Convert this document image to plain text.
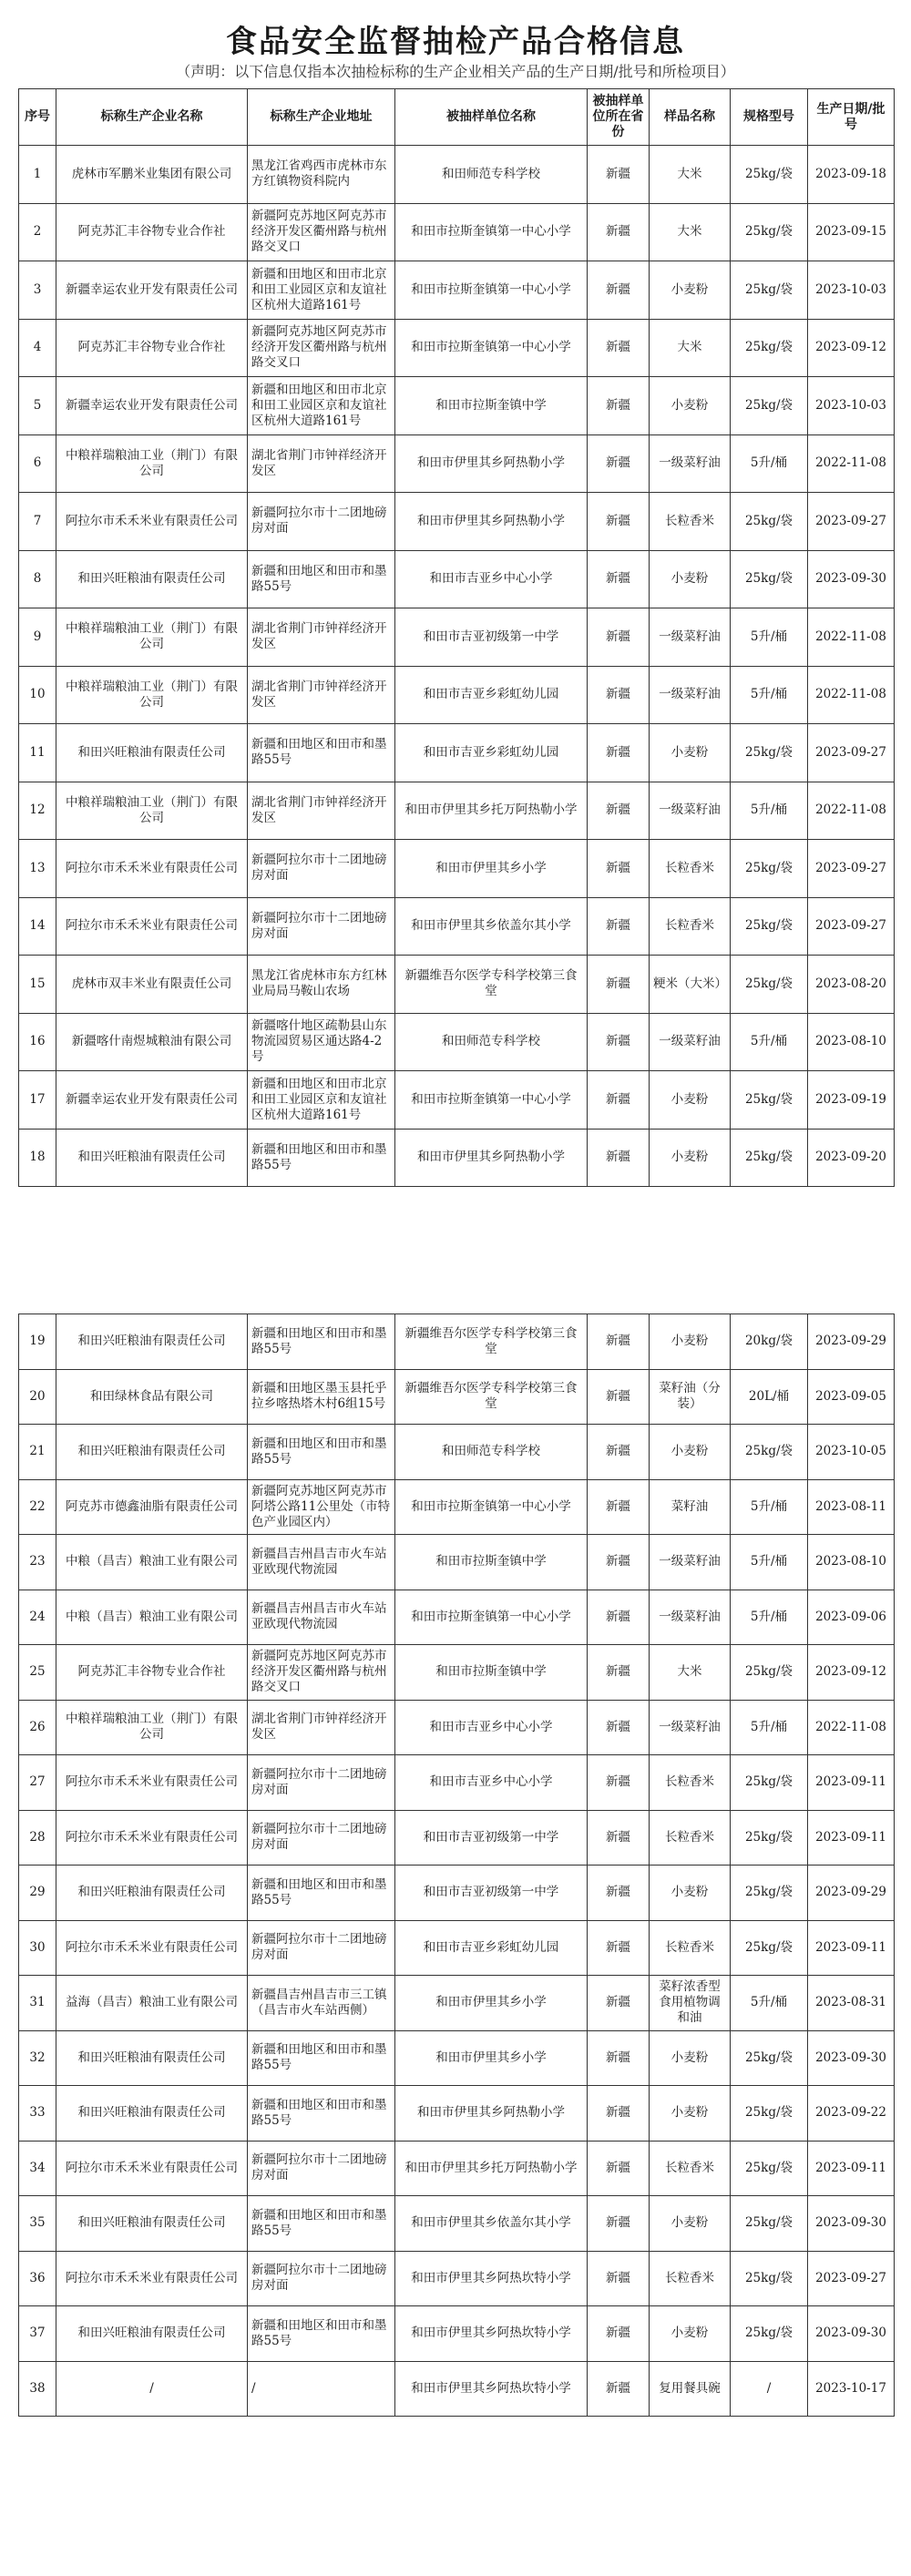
食品安全监督抽检产品合格信息
（声明：以下信息仅指本次抽检标称的生产企业相关产品的生产日期/批号和所检项目）
序号	标称生产企业名称	标称生产企业地址	被抽样单位名称	被抽样单位所在省份	样品名称	规格型号	生产日期/批号
1	虎林市军鹏米业集团有限公司	黑龙江省鸡西市虎林市东方红镇物资科院内	和田师范专科学校	新疆	大米	25kg/袋	2023-09-18
2	阿克苏汇丰谷物专业合作社	新疆阿克苏地区阿克苏市经济开发区衢州路与杭州路交叉口	和田市拉斯奎镇第一中心小学	新疆	大米	25kg/袋	2023-09-15
3	新疆幸运农业开发有限责任公司	新疆和田地区和田市北京和田工业园区京和友谊社区杭州大道路161号	和田市拉斯奎镇第一中心小学	新疆	小麦粉	25kg/袋	2023-10-03
4	阿克苏汇丰谷物专业合作社	新疆阿克苏地区阿克苏市经济开发区衢州路与杭州路交叉口	和田市拉斯奎镇第一中心小学	新疆	大米	25kg/袋	2023-09-12
5	新疆幸运农业开发有限责任公司	新疆和田地区和田市北京和田工业园区京和友谊社区杭州大道路161号	和田市拉斯奎镇中学	新疆	小麦粉	25kg/袋	2023-10-03
6	中粮祥瑞粮油工业（荆门）有限公司	湖北省荆门市钟祥经济开发区	和田市伊里其乡阿热勒小学	新疆	一级菜籽油	5升/桶	2022-11-08
7	阿拉尔市禾禾米业有限责任公司	新疆阿拉尔市十二团地磅房对面	和田市伊里其乡阿热勒小学	新疆	长粒香米	25kg/袋	2023-09-27
8	和田兴旺粮油有限责任公司	新疆和田地区和田市和墨路55号	和田市吉亚乡中心小学	新疆	小麦粉	25kg/袋	2023-09-30
9	中粮祥瑞粮油工业（荆门）有限公司	湖北省荆门市钟祥经济开发区	和田市吉亚初级第一中学	新疆	一级菜籽油	5升/桶	2022-11-08
10	中粮祥瑞粮油工业（荆门）有限公司	湖北省荆门市钟祥经济开发区	和田市吉亚乡彩虹幼儿园	新疆	一级菜籽油	5升/桶	2022-11-08
11	和田兴旺粮油有限责任公司	新疆和田地区和田市和墨路55号	和田市吉亚乡彩虹幼儿园	新疆	小麦粉	25kg/袋	2023-09-27
12	中粮祥瑞粮油工业（荆门）有限公司	湖北省荆门市钟祥经济开发区	和田市伊里其乡托万阿热勒小学	新疆	一级菜籽油	5升/桶	2022-11-08
13	阿拉尔市禾禾米业有限责任公司	新疆阿拉尔市十二团地磅房对面	和田市伊里其乡小学	新疆	长粒香米	25kg/袋	2023-09-27
14	阿拉尔市禾禾米业有限责任公司	新疆阿拉尔市十二团地磅房对面	和田市伊里其乡依盖尔其小学	新疆	长粒香米	25kg/袋	2023-09-27
15	虎林市双丰米业有限责任公司	黑龙江省虎林市东方红林业局局马鞍山农场	新疆维吾尔医学专科学校第三食堂	新疆	粳米（大米）	25kg/袋	2023-08-20
16	新疆喀什南煜城粮油有限公司	新疆喀什地区疏勒县山东物流园贸易区通达路4-2号	和田师范专科学校	新疆	一级菜籽油	5升/桶	2023-08-10
17	新疆幸运农业开发有限责任公司	新疆和田地区和田市北京和田工业园区京和友谊社区杭州大道路161号	和田市拉斯奎镇第一中心小学	新疆	小麦粉	25kg/袋	2023-09-19
18	和田兴旺粮油有限责任公司	新疆和田地区和田市和墨路55号	和田市伊里其乡阿热勒小学	新疆	小麦粉	25kg/袋	2023-09-20
19	和田兴旺粮油有限责任公司	新疆和田地区和田市和墨路55号	新疆维吾尔医学专科学校第三食堂	新疆	小麦粉	20kg/袋	2023-09-29
20	和田绿林食品有限公司	新疆和田地区墨玉县托乎拉乡喀热塔木村6组15号	新疆维吾尔医学专科学校第三食堂	新疆	菜籽油（分装）	20L/桶	2023-09-05
21	和田兴旺粮油有限责任公司	新疆和田地区和田市和墨路55号	和田师范专科学校	新疆	小麦粉	25kg/袋	2023-10-05
22	阿克苏市德鑫油脂有限责任公司	新疆阿克苏地区阿克苏市阿塔公路11公里处（市特色产业园区内）	和田市拉斯奎镇第一中心小学	新疆	菜籽油	5升/桶	2023-08-11
23	中粮（昌吉）粮油工业有限公司	新疆昌吉州昌吉市火车站亚欧现代物流园	和田市拉斯奎镇中学	新疆	一级菜籽油	5升/桶	2023-08-10
24	中粮（昌吉）粮油工业有限公司	新疆昌吉州昌吉市火车站亚欧现代物流园	和田市拉斯奎镇第一中心小学	新疆	一级菜籽油	5升/桶	2023-09-06
25	阿克苏汇丰谷物专业合作社	新疆阿克苏地区阿克苏市经济开发区衢州路与杭州路交叉口	和田市拉斯奎镇中学	新疆	大米	25kg/袋	2023-09-12
26	中粮祥瑞粮油工业（荆门）有限公司	湖北省荆门市钟祥经济开发区	和田市吉亚乡中心小学	新疆	一级菜籽油	5升/桶	2022-11-08
27	阿拉尔市禾禾米业有限责任公司	新疆阿拉尔市十二团地磅房对面	和田市吉亚乡中心小学	新疆	长粒香米	25kg/袋	2023-09-11
28	阿拉尔市禾禾米业有限责任公司	新疆阿拉尔市十二团地磅房对面	和田市吉亚初级第一中学	新疆	长粒香米	25kg/袋	2023-09-11
29	和田兴旺粮油有限责任公司	新疆和田地区和田市和墨路55号	和田市吉亚初级第一中学	新疆	小麦粉	25kg/袋	2023-09-29
30	阿拉尔市禾禾米业有限责任公司	新疆阿拉尔市十二团地磅房对面	和田市吉亚乡彩虹幼儿园	新疆	长粒香米	25kg/袋	2023-09-11
31	益海（昌吉）粮油工业有限公司	新疆昌吉州昌吉市三工镇（昌吉市火车站西侧）	和田市伊里其乡小学	新疆	菜籽浓香型食用植物调和油	5升/桶	2023-08-31
32	和田兴旺粮油有限责任公司	新疆和田地区和田市和墨路55号	和田市伊里其乡小学	新疆	小麦粉	25kg/袋	2023-09-30
33	和田兴旺粮油有限责任公司	新疆和田地区和田市和墨路55号	和田市伊里其乡阿热勒小学	新疆	小麦粉	25kg/袋	2023-09-22
34	阿拉尔市禾禾米业有限责任公司	新疆阿拉尔市十二团地磅房对面	和田市伊里其乡托万阿热勒小学	新疆	长粒香米	25kg/袋	2023-09-11
35	和田兴旺粮油有限责任公司	新疆和田地区和田市和墨路55号	和田市伊里其乡依盖尔其小学	新疆	小麦粉	25kg/袋	2023-09-30
36	阿拉尔市禾禾米业有限责任公司	新疆阿拉尔市十二团地磅房对面	和田市伊里其乡阿热坎特小学	新疆	长粒香米	25kg/袋	2023-09-27
37	和田兴旺粮油有限责任公司	新疆和田地区和田市和墨路55号	和田市伊里其乡阿热坎特小学	新疆	小麦粉	25kg/袋	2023-09-30
38	/	/	和田市伊里其乡阿热坎特小学	新疆	复用餐具碗	/	2023-10-17
